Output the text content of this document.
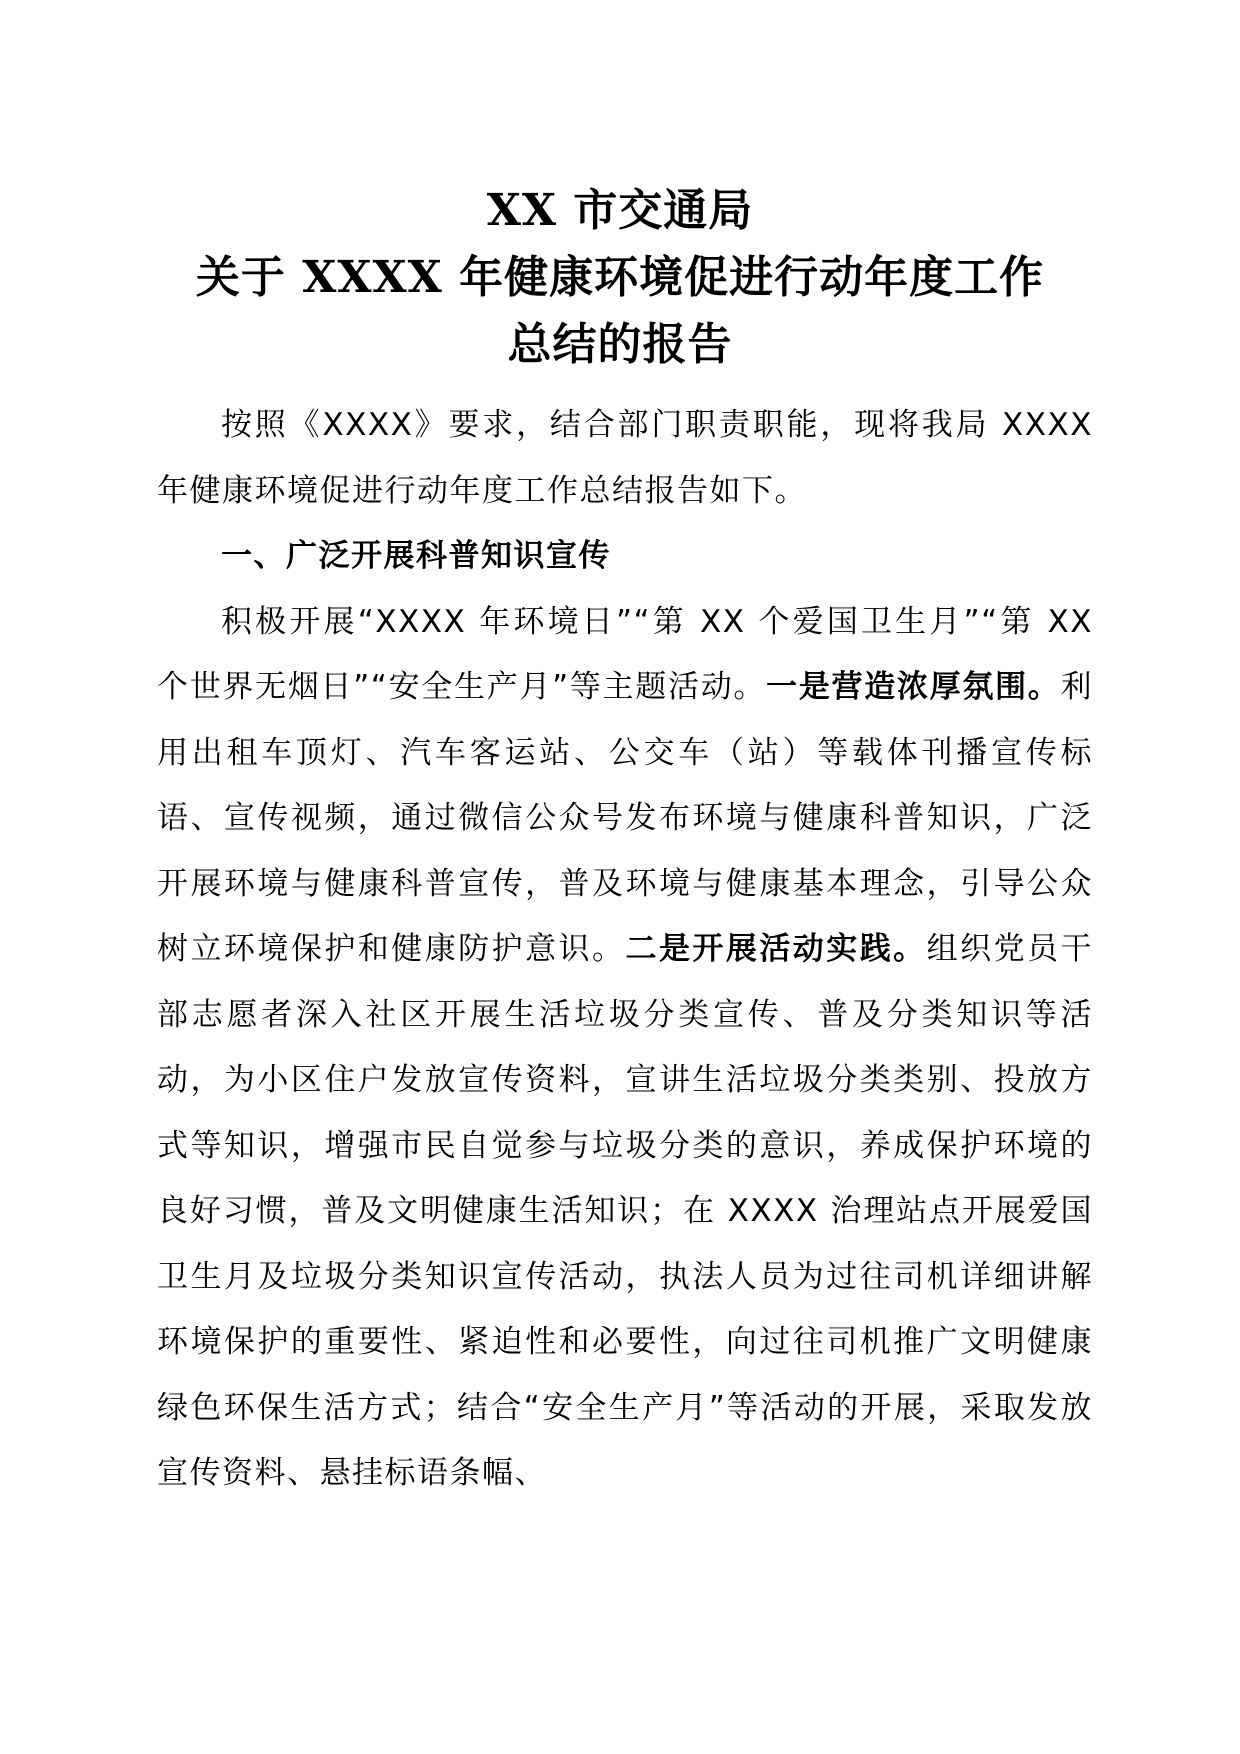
XX 市交通局
关于 XXXX 年健康环境促进行动年度工作
总结的报告

按照《XXXX》要求，结合部门职责职能，现将我局 XXXX 年健康环境促进行动年度工作总结报告如下。

一、广泛开展科普知识宣传

积极开展“XXXX 年环境日”“第 XX 个爱国卫生月”“第 XX 个世界无烟日”“安全生产月”等主题活动。一是营造浓厚氛围。利用出租车顶灯、汽车客运站、公交车（站）等载体刊播宣传标语、宣传视频，通过微信公众号发布环境与健康科普知识，广泛开展环境与健康科普宣传，普及环境与健康基本理念，引导公众树立环境保护和健康防护意识。二是开展活动实践。组织党员干部志愿者深入社区开展生活垃圾分类宣传、普及分类知识等活动，为小区住户发放宣传资料，宣讲生活垃圾分类类别、投放方式等知识，增强市民自觉参与垃圾分类的意识，养成保护环境的良好习惯，普及文明健康生活知识；在 XXXX 治理站点开展爱国卫生月及垃圾分类知识宣传活动，执法人员为过往司机详细讲解环境保护的重要性、紧迫性和必要性，向过往司机推广文明健康绿色环保生活方式；结合“安全生产月”等活动的开展，采取发放宣传资料、悬挂标语条幅、
